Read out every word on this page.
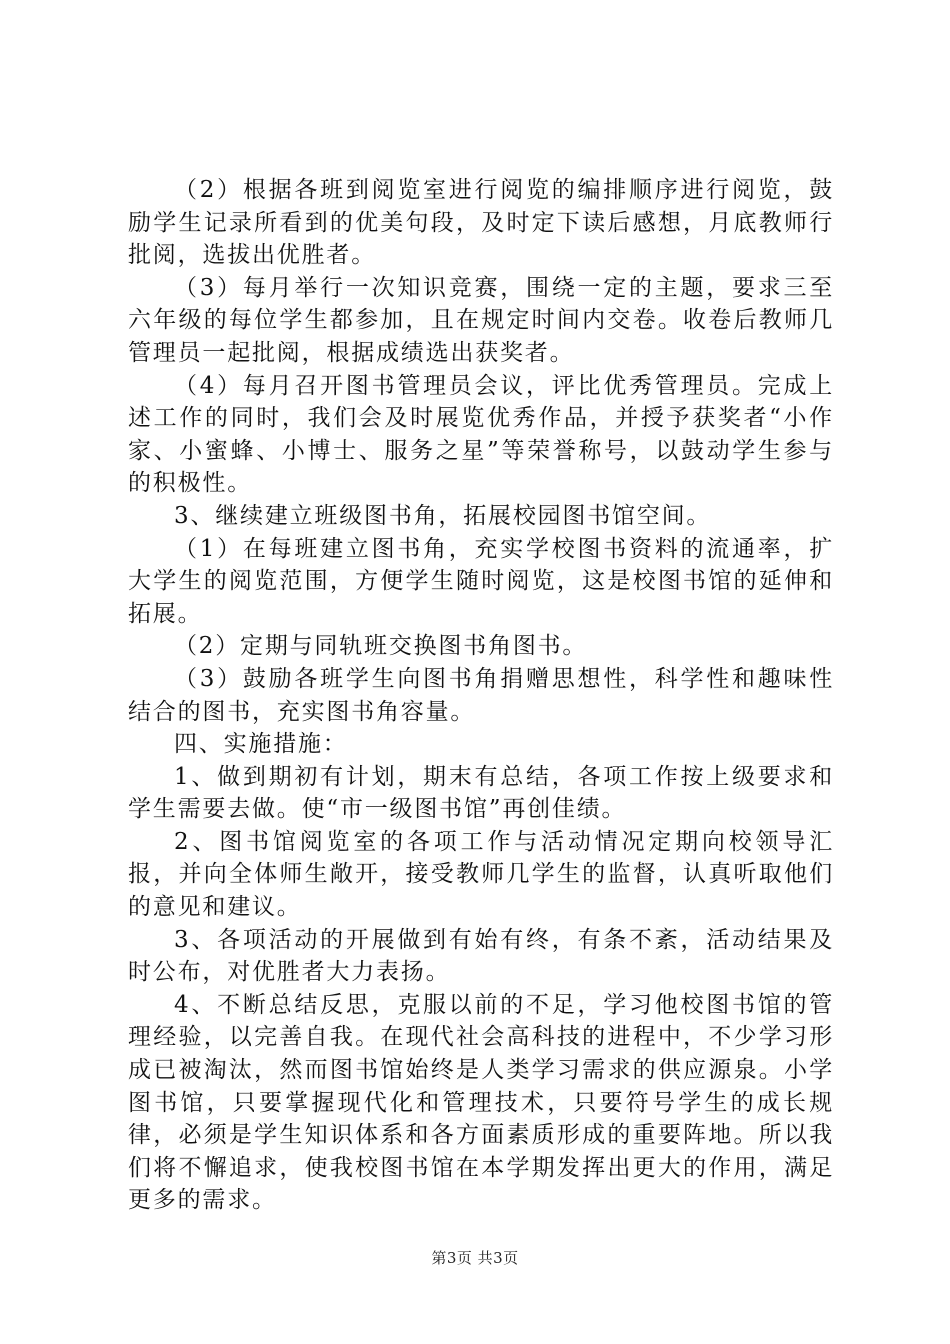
（2）根据各班到阅览室进行阅览的编排顺序进行阅览，鼓励学生记录所看到的优美句段，及时定下读后感想，月底教师行批阅，选拔出优胜者。

（3）每月举行一次知识竞赛，围绕一定的主题，要求三至六年级的每位学生都参加，且在规定时间内交卷。收卷后教师几管理员一起批阅，根据成绩选出获奖者。

（4）每月召开图书管理员会议，评比优秀管理员。完成上述工作的同时，我们会及时展览优秀作品，并授予获奖者“小作家、小蜜蜂、小博士、服务之星”等荣誉称号，以鼓动学生参与的积极性。

3、继续建立班级图书角，拓展校园图书馆空间。

（1）在每班建立图书角，充实学校图书资料的流通率，扩大学生的阅览范围，方便学生随时阅览，这是校图书馆的延伸和拓展。

（2）定期与同轨班交换图书角图书。

（3）鼓励各班学生向图书角捐赠思想性，科学性和趣味性结合的图书，充实图书角容量。

四、实施措施：

1、做到期初有计划，期末有总结，各项工作按上级要求和学生需要去做。使“市一级图书馆”再创佳绩。

2、图书馆阅览室的各项工作与活动情况定期向校领导汇报，并向全体师生敞开，接受教师几学生的监督，认真听取他们的意见和建议。

3、各项活动的开展做到有始有终，有条不紊，活动结果及时公布，对优胜者大力表扬。

4、不断总结反思，克服以前的不足，学习他校图书馆的管理经验，以完善自我。在现代社会高科技的进程中，不少学习形成已被淘汰，然而图书馆始终是人类学习需求的供应源泉。小学图书馆，只要掌握现代化和管理技术，只要符号学生的成长规律，必须是学生知识体系和各方面素质形成的重要阵地。所以我们将不懈追求，使我校图书馆在本学期发挥出更大的作用，满足更多的需求。

第3页 共3页
